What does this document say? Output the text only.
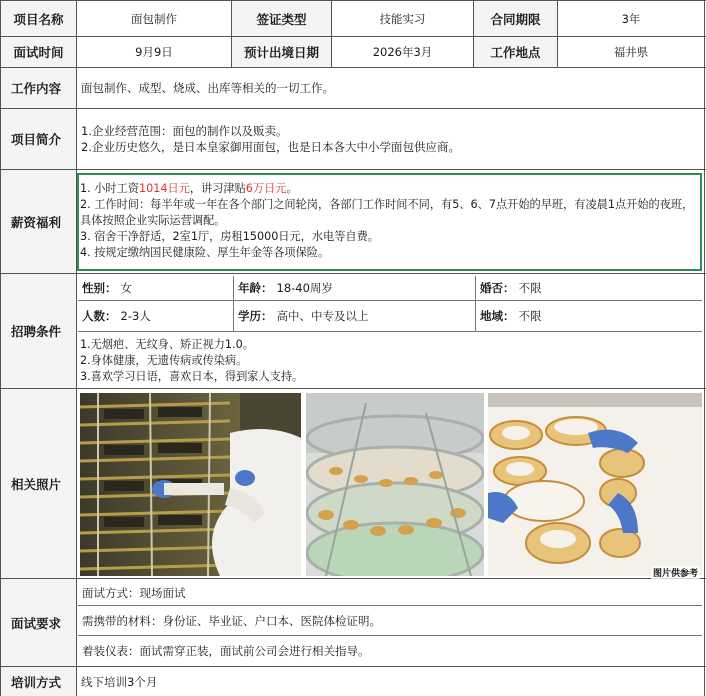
项目名称	面包制作	签证类型	技能实习	合同期限	3年
面试时间	9月9日	预计出境日期	2026年3月	工作地点	福井県
工作内容	面包制作、成型、烧成、出库等相关的一切工作。
项目简介
1.企业经营范围：面包的制作以及贩卖。
2.企业历史悠久，是日本皇家御用面包，也是日本各大中小学面包供应商。
薪资福利
1. 小时工资1014日元，讲习津贴6万日元。
2. 工作时间：每半年或一年在各个部门之间轮岗，各部门工作时间不同，有5、6、7点开始的早班，有凌晨1点开始的夜班，具体按照企业实际运营调配。
3. 宿舍干净舒适，2室1厅，房租15000日元，水电等自费。
4. 按规定缴纳国民健康险、厚生年金等各项保险。
招聘条件
性别： 女	年龄： 18-40周岁	婚否： 不限
人数： 2-3人	学历： 高中、中专及以上	地域： 不限
1.无烟疤、无纹身、矫正视力1.0。
2.身体健康，无遗传病或传染病。
3.喜欢学习日语，喜欢日本，得到家人支持。
相关照片
图片供参考
面试要求
面试方式：现场面试
需携带的材料：身份证、毕业证、户口本、医院体检证明。
着装仪表：面试需穿正装，面试前公司会进行相关指导。
培训方式	线下培训3个月
